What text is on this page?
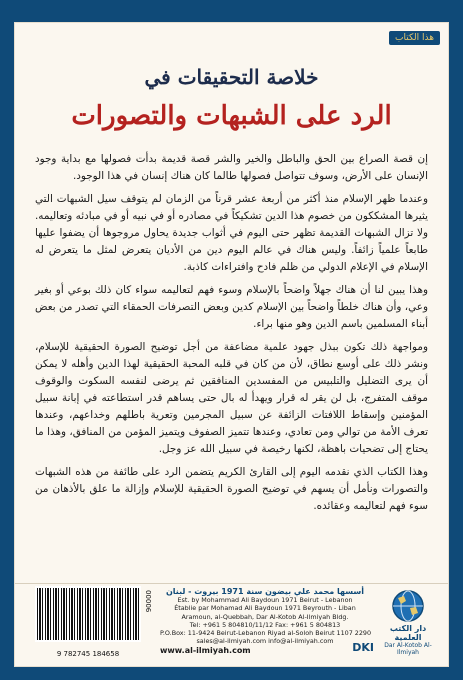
هذا الكتاب
خلاصة التحقيقات في
الرد على الشبهات والتصورات

إن قصة الصراع بين الحق والباطل والخير والشر قصة قديمة بدأت فصولها مع بداية وجود الإنسان على الأرض، وسوف تتواصل فصولها طالما كان هناك إنسان في هذا الوجود.

وعندما ظهر الإسلام منذ أكثر من أربعة عشر قرناً من الزمان لم يتوقف سيل الشبهات التي يثيرها المشككون من خصوم هذا الدين تشكيكاً في مصادره أو في نبيه أو في مبادئه وتعاليمه. ولا تزال الشبهات القديمة تظهر حتى اليوم في أثواب جديدة يحاول مروجوها أن يضفوا عليها طابعاً علمياً زائفاً. وليس هناك في عالم اليوم دين من الأديان يتعرض لمثل ما يتعرض له الإسلام في الإعلام الدولي من ظلم فادح وافتراءات كاذبة.

وهذا يبين لنا أن هناك جهلاً واضحاً بالإسلام وسوء فهم لتعاليمه سواء كان ذلك بوعي أو بغير وعي، وأن هناك خلطاً واضحاً بين الإسلام كدين وبعض التصرفات الحمقاء التي تصدر من بعض أبناء المسلمين باسم الدين وهو منها براء.

ومواجهة ذلك تكون ببذل جهود علمية مضاعفة من أجل توضيح الصورة الحقيقية للإسلام، ونشر ذلك على أوسع نطاق، لأن من كان في قلبه المحبة الحقيقية لهذا الدين وأهله لا يمكن أن يرى التضليل والتلبيس من المفسدين المنافقين ثم يرضى لنفسه السكوت والوقوف موقف المتفرج، بل لن يقر له قرار ويهدأ له بال حتى يساهم قدر استطاعته في إبانة سبيل المؤمنين وإسقاط اللافتات الزائفة عن سبيل المجرمين وتعرية باطلهم وخداعهم، وعندها تعرف الأمة من توالي ومن تعادي، وعندها تتميز الصفوف ويتميز المؤمن من المنافق، وهذا ما يحتاج إلى تضحيات باهظة، لكنها رخيصة في سبيل الله عز وجل.

وهذا الكتاب الذي نقدمه اليوم إلى القارئ الكريم يتضمن الرد على طائفة من هذه الشبهات والتصورات ونأمل أن يسهم في توضيح الصورة الحقيقية للإسلام وإزالة ما علق بالأذهان من سوء فهم لتعاليمه وعقائده.

9 782745 184658
90000	أسسها محمد علي بيضون سنة 1971 بيروت - لبنان
Est. by Mohammad Ali Baydoun 1971 Beirut - Lebanon
Établie par Mohamad Ali Baydoun 1971 Beyrouth - Liban
Aramoun, al-Quebbah, Dar Al-Kotob Al-Ilmiyah Bldg.
Tel: +961 5 804810/11/12 Fax: +961 5 804813
P.O.Box: 11-9424 Beirut-Lebanon Riyad al-Soloh Beirut 1107 2290
sales@al-ilmiyah.com info@al-ilmiyah.com
www.al-ilmiyah.com	DKI
دار الكتب العلمية
Dar Al-Kotob Al-Ilmiyah
